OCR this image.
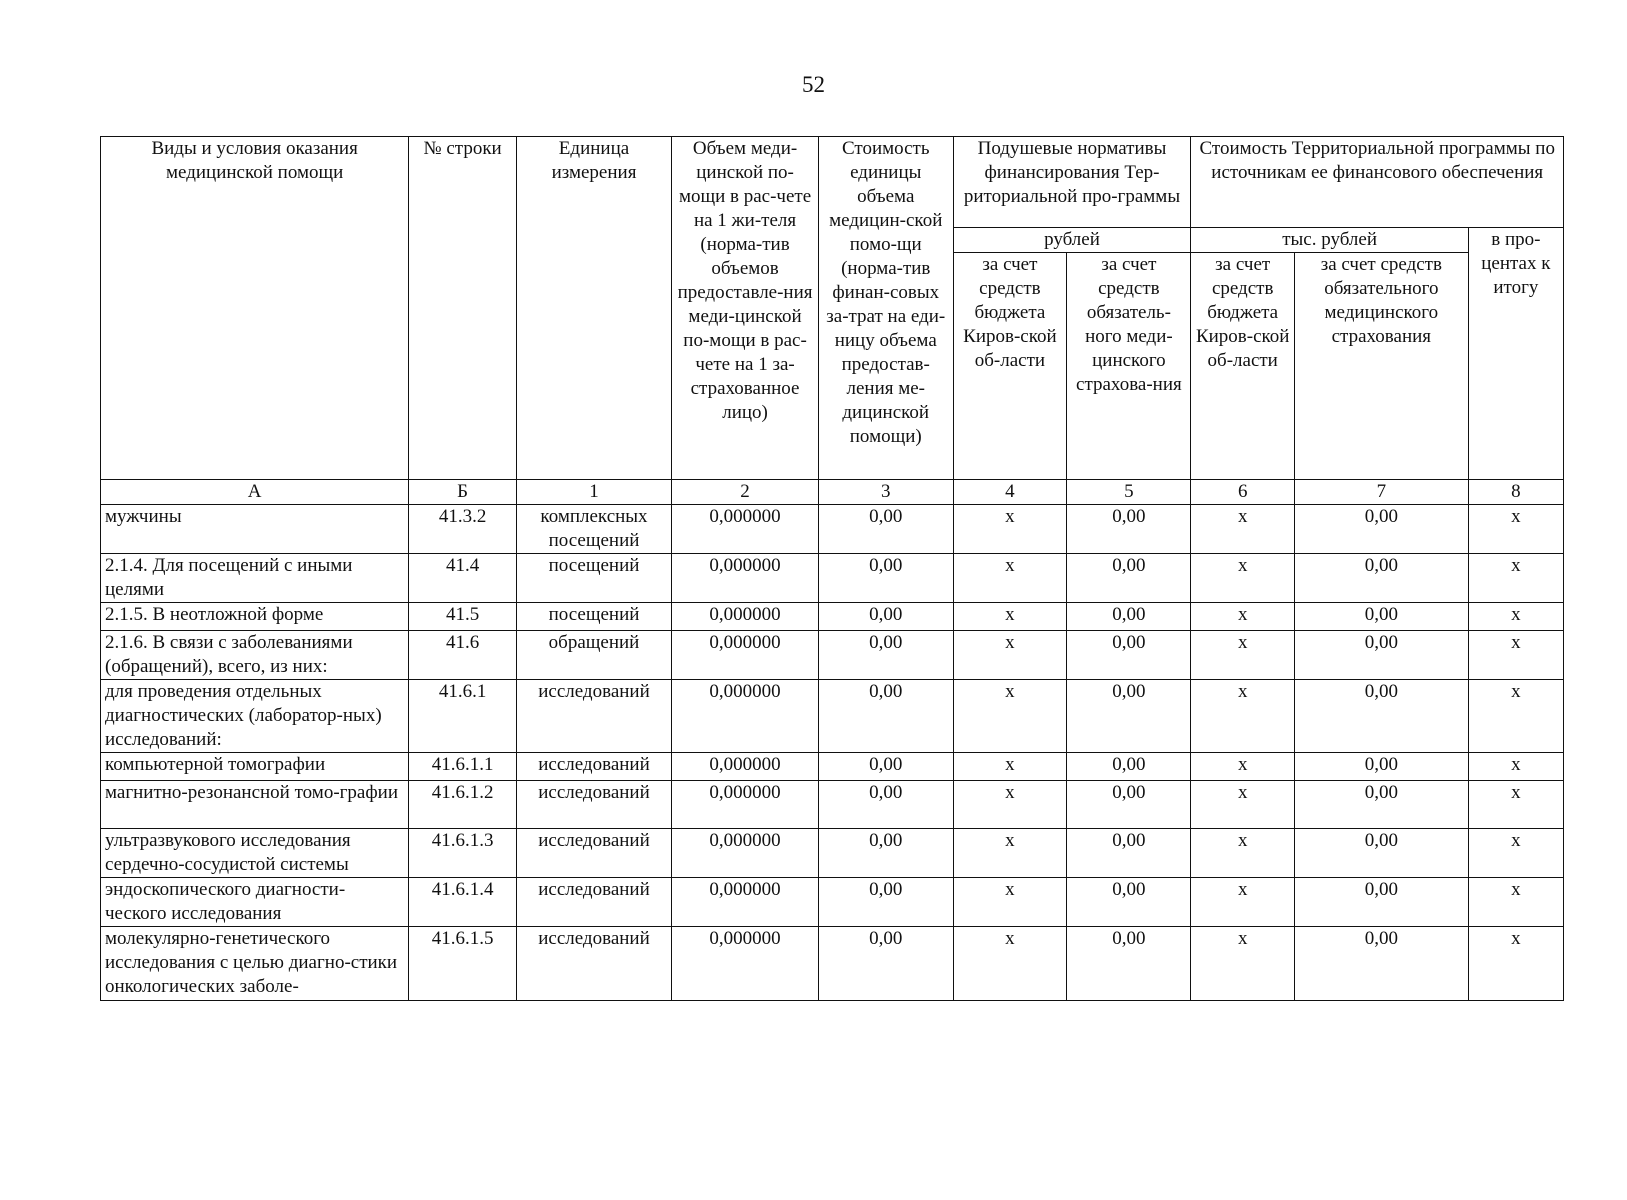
52
Виды и условия оказания медицинской помощи	№ строки	Единица измерения	Объем меди-цинской по-мощи в рас-чете на 1 жи-теля (норма-тив объемов предоставле-ния меди-цинской по-мощи в рас-чете на 1 за-страхованное лицо)	Стоимость единицы объема медицин-ской помо-щи (норма-тив финан-совых за-трат на еди-ницу объема предостав-ления ме-дицинской помощи)	Подушевые нормативы финансирования Тер-риториальной про-граммы		Стоимость Территориальной программы по источникам ее финансового обеспечения		
					рублей		тыс. рублей		в про-центах к итогу
					за счет средств бюджета Киров-ской об-ласти	за счет средств обязатель-ного меди-цинского страхова-ния	за счет средств бюджета Киров-ской об-ласти	за счет средств обязательного медицинского страхования	
А	Б	1	2	3	4	5	6	7	8
мужчины	41.3.2	комплексных посещений	0,000000	0,00	х	0,00	х	0,00	х
2.1.4. Для посещений с иными целями	41.4	посещений	0,000000	0,00	х	0,00	х	0,00	х
2.1.5. В неотложной форме	41.5	посещений	0,000000	0,00	х	0,00	х	0,00	х
2.1.6. В связи с заболеваниями (обращений), всего, из них:	41.6	обращений	0,000000	0,00	х	0,00	х	0,00	х
для проведения отдельных диагностических (лаборатор-ных) исследований:	41.6.1	исследований	0,000000	0,00	х	0,00	х	0,00	х
компьютерной томографии	41.6.1.1	исследований	0,000000	0,00	х	0,00	х	0,00	х
магнитно-резонансной томо-графии	41.6.1.2	исследований	0,000000	0,00	х	0,00	х	0,00	х
ультразвукового исследования сердечно-сосудистой системы	41.6.1.3	исследований	0,000000	0,00	х	0,00	х	0,00	х
эндоскопического диагности-ческого исследования	41.6.1.4	исследований	0,000000	0,00	х	0,00	х	0,00	х
молекулярно-генетического исследования с целью диагно-стики онкологических заболе-	41.6.1.5	исследований	0,000000	0,00	х	0,00	х	0,00	х
